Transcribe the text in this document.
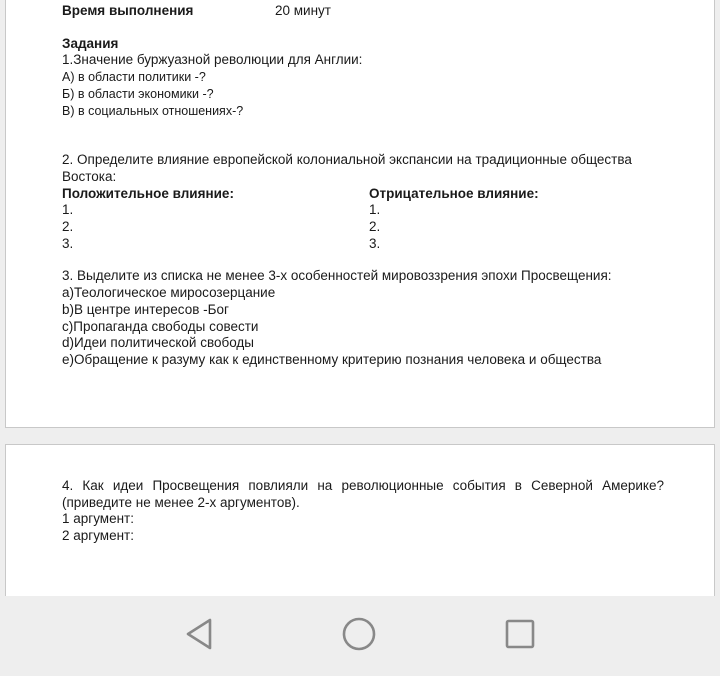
Время выполнения	20 минут
Задания
1.Значение буржуазной революции для Англии:
А) в области политики -?
Б) в области экономики -?
В) в социальных отношениях-?
2. Определите влияние европейской колониальной экспансии на традиционные общества Востока:
Положительное влияние:
1.
2.
3.
Отрицательное влияние:
1.
2.
3.
3. Выделите из списка не менее 3-х особенностей мировоззрения эпохи Просвещения:
a)Теологическое миросозерцание
b)В центре интересов -Бог
c)Пропаганда свободы совести
d)Идеи политической свободы
e)Обращение к разуму как к единственному критерию познания человека и общества
4. Как идеи Просвещения повлияли на революционные события в Северной Америке? (приведите не менее 2-х аргументов).
1 аргумент:
2 аргумент:
